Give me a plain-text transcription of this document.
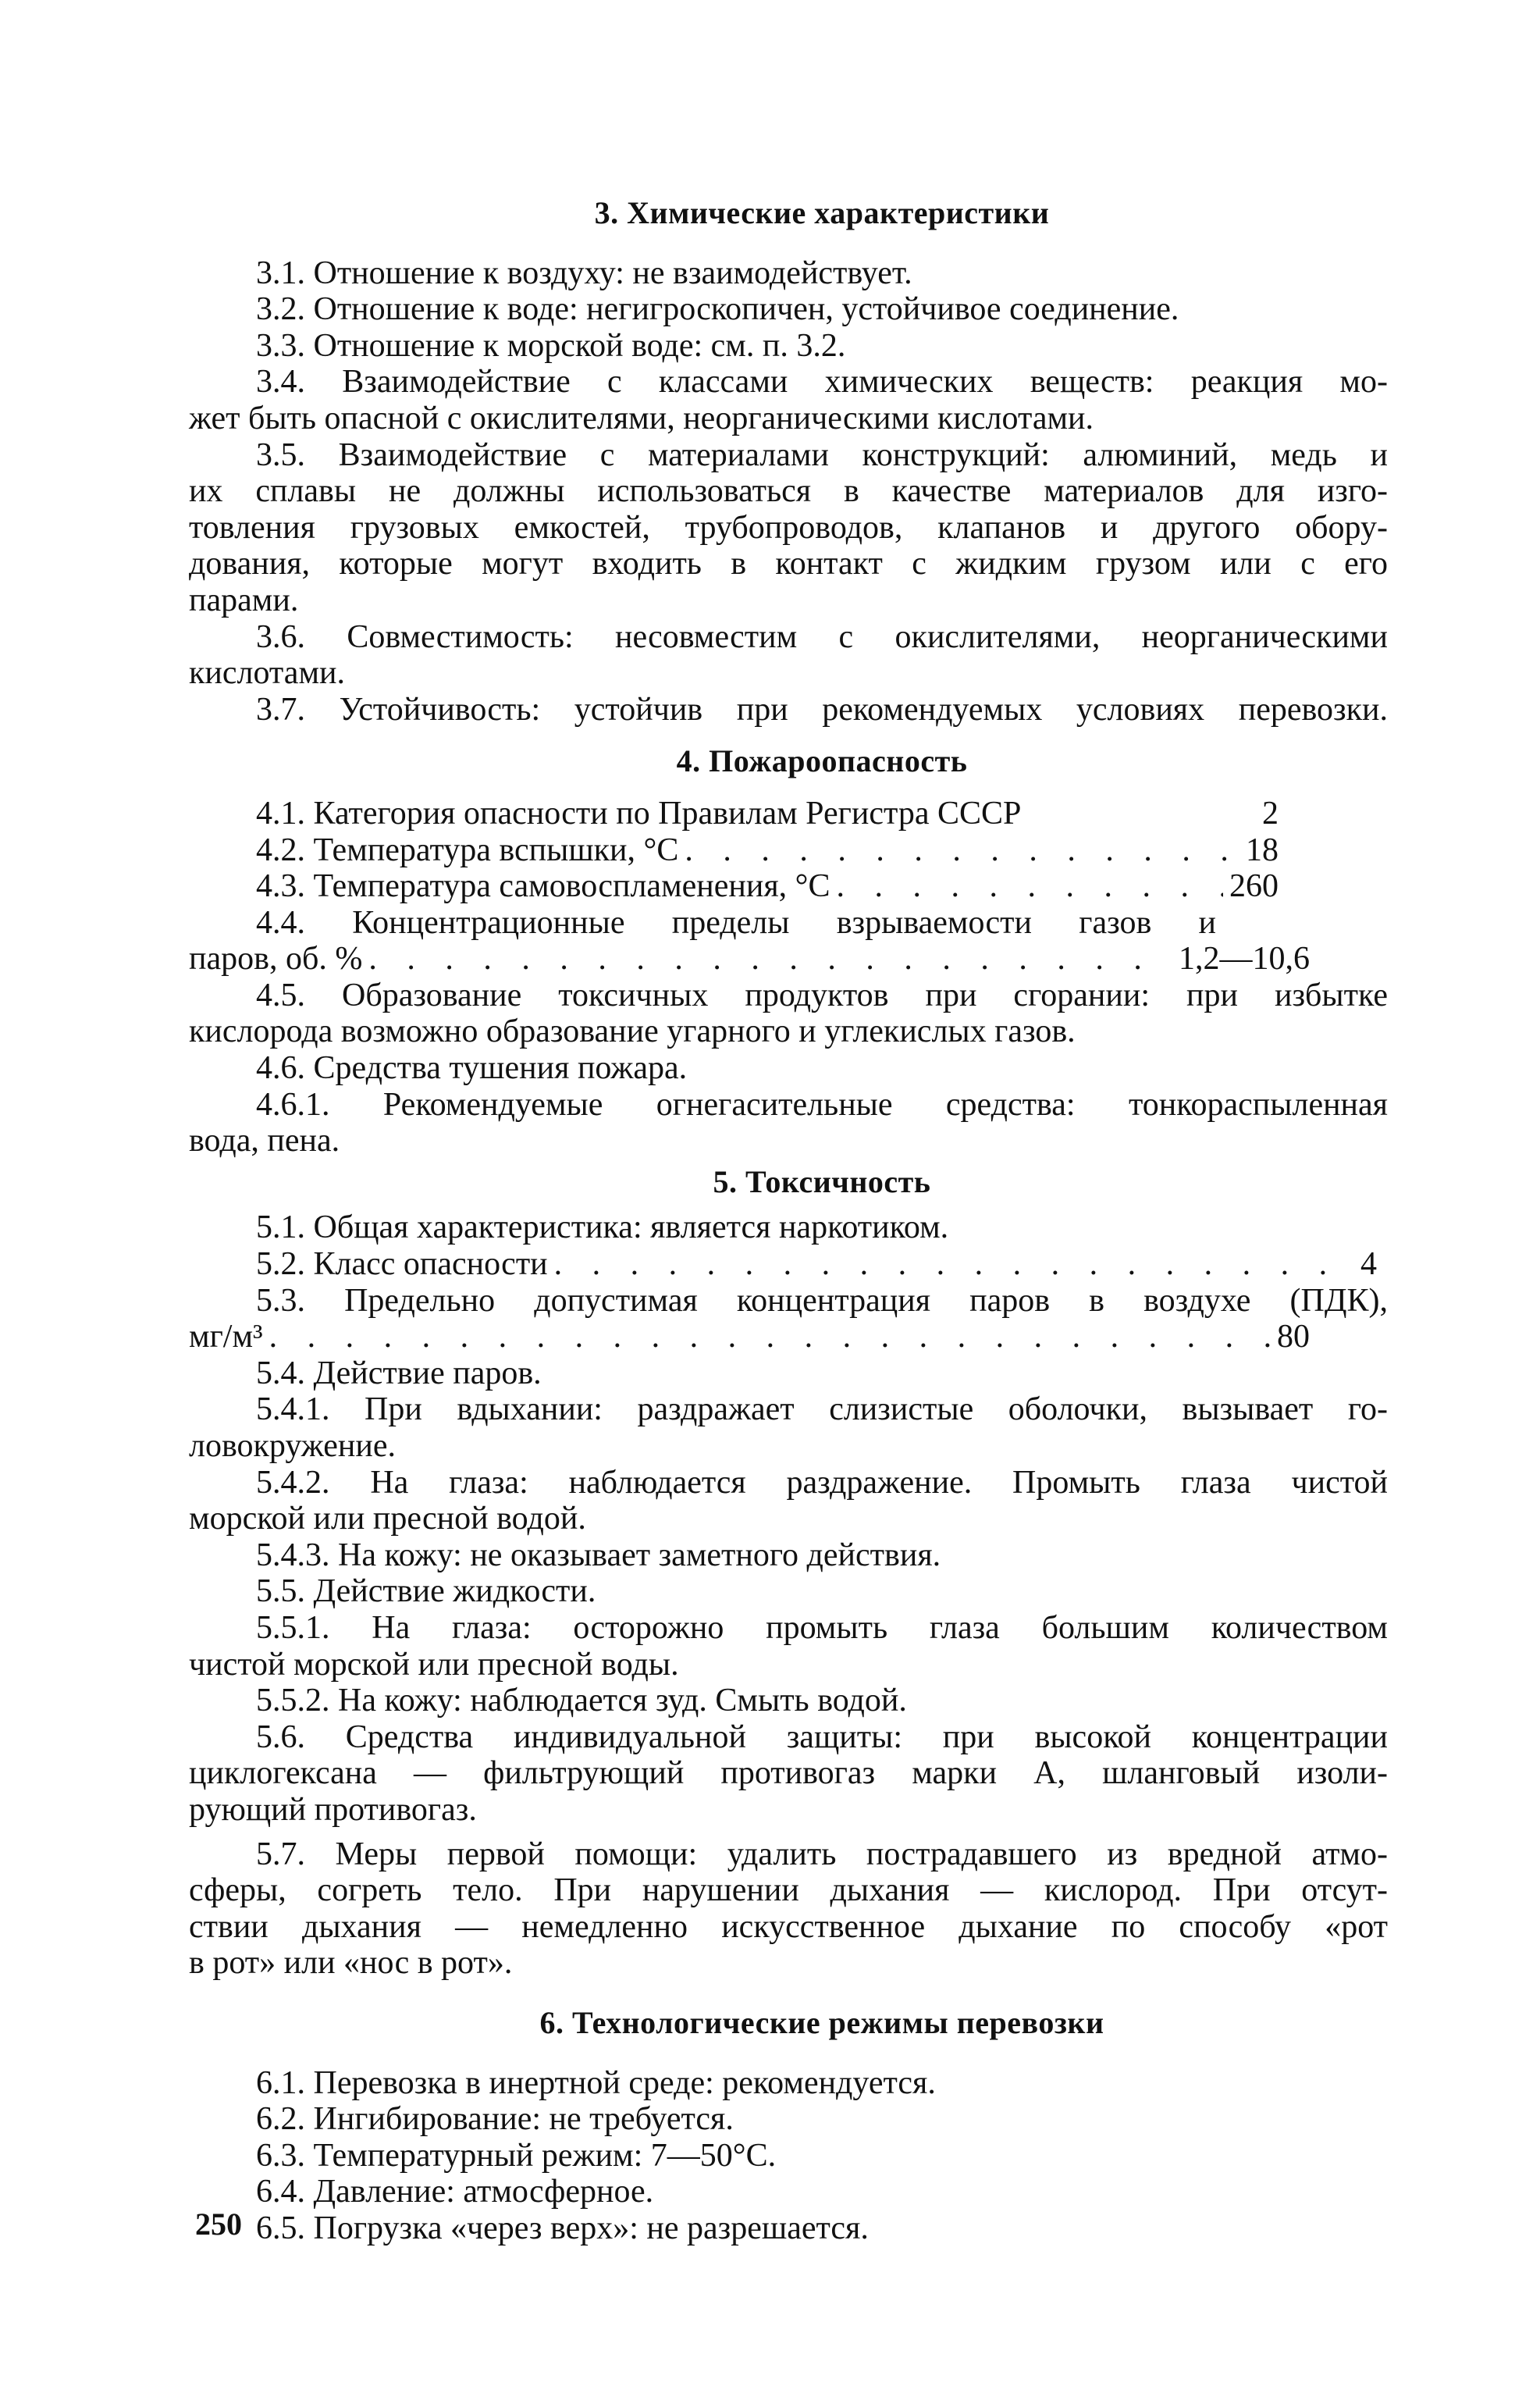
3. Химические характеристики

3.1. Отношение к воздуху: не взаимодействует.
3.2. Отношение к воде: негигроскопичен, устойчивое соединение.
3.3. Отношение к морской воде: см. п. 3.2.
3.4. Взаимодействие с классами химических веществ: реакция мо-
жет быть опасной с окислителями, неорганическими кислотами.
3.5. Взаимодействие с материалами конструкций: алюминий, медь и
их сплавы не должны использоваться в качестве материалов для изго-
товления грузовых емкостей, трубопроводов, клапанов и другого обору-
дования, которые могут входить в контакт с жидким грузом или с его
парами.
3.6. Совместимость: несовместим с окислителями, неорганическими
кислотами.
3.7. Устойчивость: устойчив при рекомендуемых условиях перевозки.

4. Пожароопасность

4.1. Категория опасности по Правилам Регистра СССР	2
4.2. Температура вспышки, °С . . .	18
4.3. Температура самовоспламенения, °С . . .	260
4.4. Концентрационные пределы взрываемости газов и
паров, об. % . . .	1,2—10,6
4.5. Образование токсичных продуктов при сгорании: при избытке
кислорода возможно образование угарного и углекислых газов.
4.6. Средства тушения пожара.
4.6.1. Рекомендуемые огнегасительные средства: тонкораспыленная
вода, пена.

5. Токсичность

5.1. Общая характеристика: является наркотиком.
5.2. Класс опасности . . .	4
5.3. Предельно допустимая концентрация паров в воздухе (ПДК),
мг/м³ . . .	80
5.4. Действие паров.
5.4.1. При вдыхании: раздражает слизистые оболочки, вызывает го-
ловокружение.
5.4.2. На глаза: наблюдается раздражение. Промыть глаза чистой
морской или пресной водой.
5.4.3. На кожу: не оказывает заметного действия.
5.5. Действие жидкости.
5.5.1. На глаза: осторожно промыть глаза большим количеством
чистой морской или пресной воды.
5.5.2. На кожу: наблюдается зуд. Смыть водой.
5.6. Средства индивидуальной защиты: при высокой концентрации
циклогексана — фильтрующий противогаз марки А, шланговый изоли-
рующий противогаз.
5.7. Меры первой помощи: удалить пострадавшего из вредной атмо-
сферы, согреть тело. При нарушении дыхания — кислород. При отсут-
ствии дыхания — немедленно искусственное дыхание по способу «рот
в рот» или «нос в рот».

6. Технологические режимы перевозки

6.1. Перевозка в инертной среде: рекомендуется.
6.2. Ингибирование: не требуется.
6.3. Температурный режим: 7—50°С.
6.4. Давление: атмосферное.
6.5. Погрузка «через верх»: не разрешается.
250
